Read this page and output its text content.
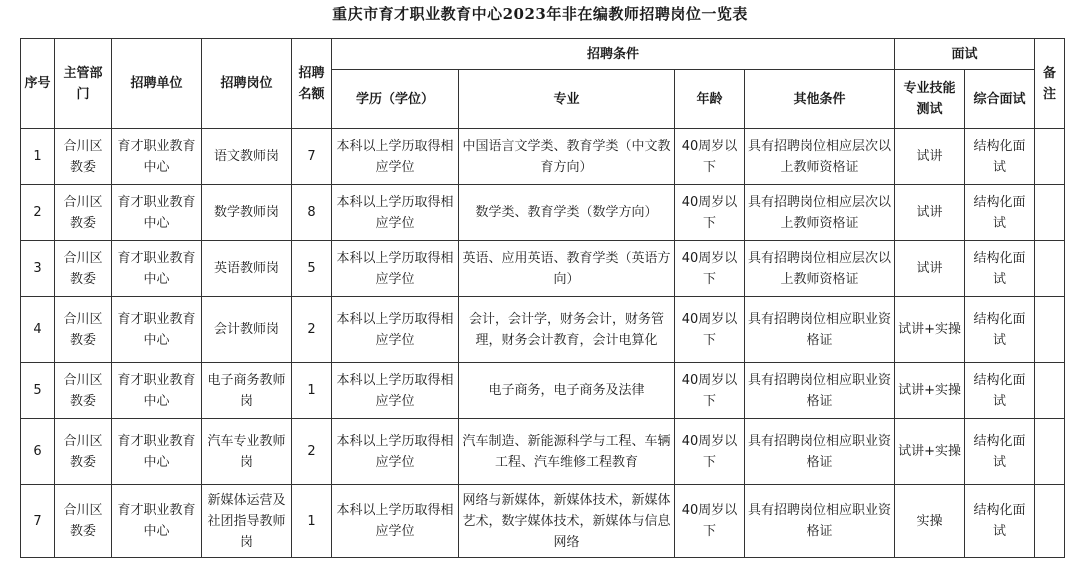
重庆市育才职业教育中心2023年非在编教师招聘岗位一览表
序号	主管部门	招聘单位	招聘岗位	招聘名额	招聘条件				面试		备注
					学历（学位）	专业	年龄	其他条件	专业技能测试	综合面试	
1	合川区教委	育才职业教育中心	语文教师岗	7	本科以上学历取得相应学位	中国语言文学类、教育学类（中文教育方向）	40周岁以下	具有招聘岗位相应层次以上教师资格证	试讲	结构化面试	
2	合川区教委	育才职业教育中心	数学教师岗	8	本科以上学历取得相应学位	数学类、教育学类（数学方向）	40周岁以下	具有招聘岗位相应层次以上教师资格证	试讲	结构化面试	
3	合川区教委	育才职业教育中心	英语教师岗	5	本科以上学历取得相应学位	英语、应用英语、教育学类（英语方向）	40周岁以下	具有招聘岗位相应层次以上教师资格证	试讲	结构化面试	
4	合川区教委	育才职业教育中心	会计教师岗	2	本科以上学历取得相应学位	会计，会计学，财务会计，财务管理，财务会计教育，会计电算化	40周岁以下	具有招聘岗位相应职业资格证	试讲+实操	结构化面试	
5	合川区教委	育才职业教育中心	电子商务教师岗	1	本科以上学历取得相应学位	电子商务，电子商务及法律	40周岁以下	具有招聘岗位相应职业资格证	试讲+实操	结构化面试	
6	合川区教委	育才职业教育中心	汽车专业教师岗	2	本科以上学历取得相应学位	汽车制造、新能源科学与工程、车辆工程、汽车维修工程教育	40周岁以下	具有招聘岗位相应职业资格证	试讲+实操	结构化面试	
7	合川区教委	育才职业教育中心	新媒体运营及社团指导教师岗	1	本科以上学历取得相应学位	网络与新媒体，新媒体技术，新媒体艺术，数字媒体技术，新媒体与信息网络	40周岁以下	具有招聘岗位相应职业资格证	实操	结构化面试	
